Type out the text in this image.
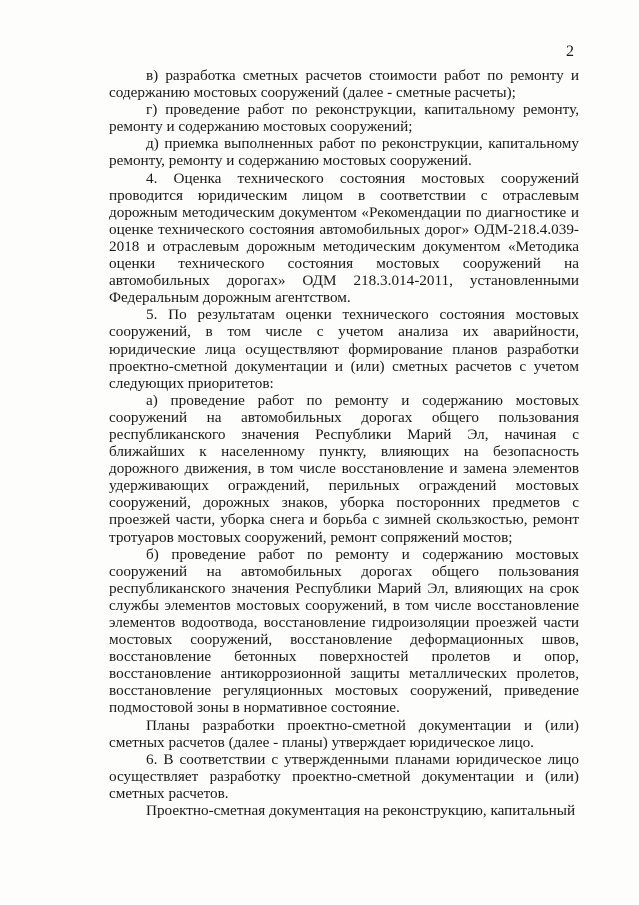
2

в) разработка сметных расчетов стоимости работ по ремонту и содержанию мостовых сооружений (далее - сметные расчеты);

г) проведение работ по реконструкции, капитальному ремонту, ремонту и содержанию мостовых сооружений;

д) приемка выполненных работ по реконструкции, капитальному ремонту, ремонту и содержанию мостовых сооружений.

4. Оценка технического состояния мостовых сооружений проводится юридическим лицом в соответствии с отраслевым дорожным методическим документом «Рекомендации по диагностике и оценке технического состояния автомобильных дорог» ОДМ-218.4.039-2018 и отраслевым дорожным методическим документом «Методика оценки технического состояния мостовых сооружений на автомобильных дорогах» ОДМ 218.3.014-2011, установленными Федеральным дорожным агентством.

5. По результатам оценки технического состояния мостовых сооружений, в том числе с учетом анализа их аварийности, юридические лица осуществляют формирование планов разработки проектно-сметной документации и (или) сметных расчетов с учетом следующих приоритетов:

а) проведение работ по ремонту и содержанию мостовых сооружений на автомобильных дорогах общего пользования республиканского значения Республики Марий Эл, начиная с ближайших к населенному пункту, влияющих на безопасность дорожного движения, в том числе восстановление и замена элементов удерживающих ограждений, перильных ограждений мостовых сооружений, дорожных знаков, уборка посторонних предметов с проезжей части, уборка снега и борьба с зимней скользкостью, ремонт тротуаров мостовых сооружений, ремонт сопряжений мостов;

б) проведение работ по ремонту и содержанию мостовых сооружений на автомобильных дорогах общего пользования республиканского значения Республики Марий Эл, влияющих на срок службы элементов мостовых сооружений, в том числе восстановление элементов водоотвода, восстановление гидроизоляции проезжей части мостовых сооружений, восстановление деформационных швов, восстановление бетонных поверхностей пролетов и опор, восстановление антикоррозионной защиты металлических пролетов, восстановление регуляционных мостовых сооружений, приведение подмостовой зоны в нормативное состояние.

Планы разработки проектно-сметной документации и (или) сметных расчетов (далее - планы) утверждает юридическое лицо.

6. В соответствии с утвержденными планами юридическое лицо осуществляет разработку проектно-сметной документации и (или) сметных расчетов.

Проектно-сметная документация на реконструкцию, капитальный
